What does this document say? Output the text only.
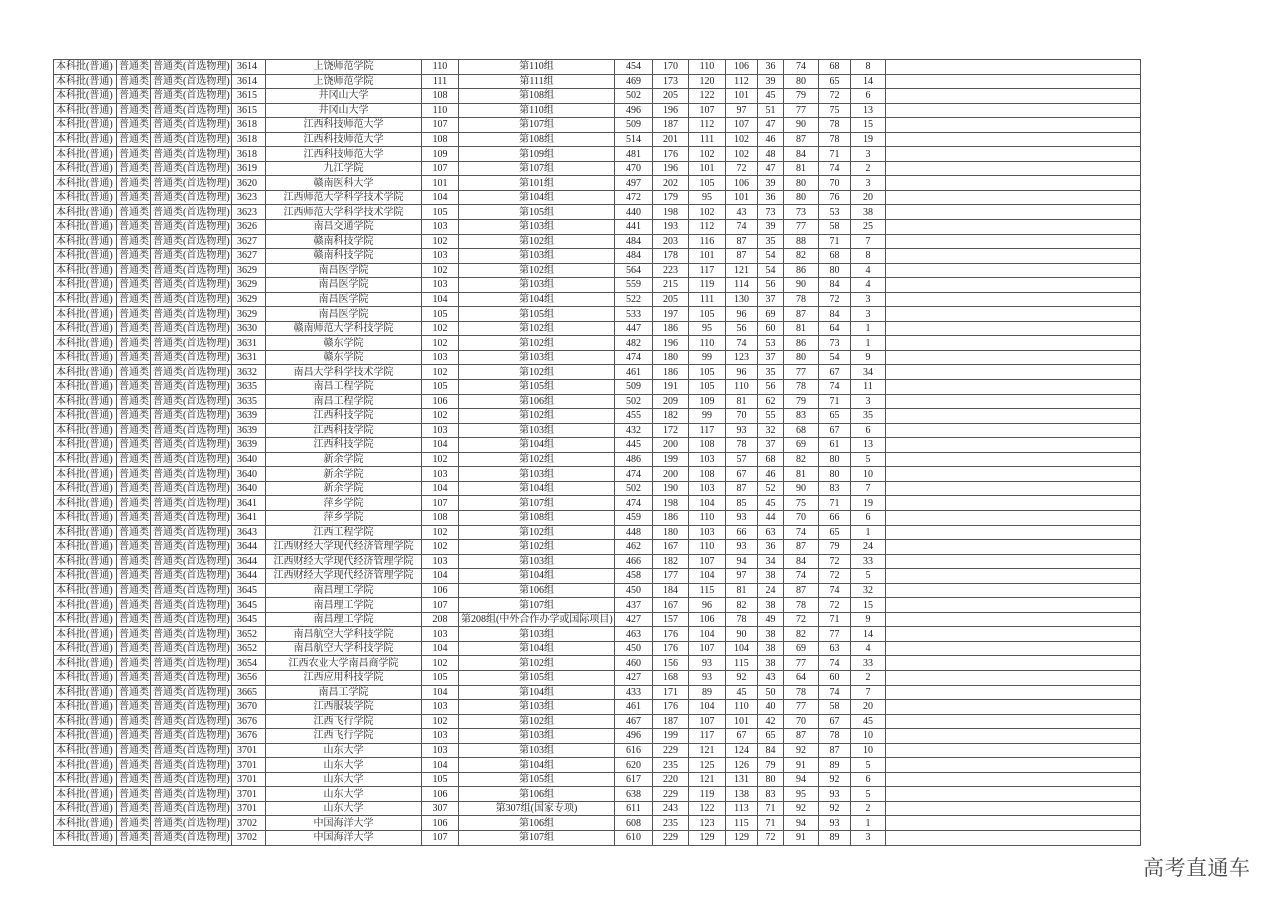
本科批(普通)	普通类	普通类(首选物理)	3614	上饶师范学院	110	第110组	454	170	110	106	36	74	68	8	
本科批(普通)	普通类	普通类(首选物理)	3614	上饶师范学院	111	第111组	469	173	120	112	39	80	65	14	
本科批(普通)	普通类	普通类(首选物理)	3615	井冈山大学	108	第108组	502	205	122	101	45	79	72	6	
本科批(普通)	普通类	普通类(首选物理)	3615	井冈山大学	110	第110组	496	196	107	97	51	77	75	13	
本科批(普通)	普通类	普通类(首选物理)	3618	江西科技师范大学	107	第107组	509	187	112	107	47	90	78	15	
本科批(普通)	普通类	普通类(首选物理)	3618	江西科技师范大学	108	第108组	514	201	111	102	46	87	78	19	
本科批(普通)	普通类	普通类(首选物理)	3618	江西科技师范大学	109	第109组	481	176	102	102	48	84	71	3	
本科批(普通)	普通类	普通类(首选物理)	3619	九江学院	107	第107组	470	196	101	72	47	81	74	2	
本科批(普通)	普通类	普通类(首选物理)	3620	赣南医科大学	101	第101组	497	202	105	106	39	80	70	3	
本科批(普通)	普通类	普通类(首选物理)	3623	江西师范大学科学技术学院	104	第104组	472	179	95	101	36	80	76	20	
本科批(普通)	普通类	普通类(首选物理)	3623	江西师范大学科学技术学院	105	第105组	440	198	102	43	73	73	53	38	
本科批(普通)	普通类	普通类(首选物理)	3626	南昌交通学院	103	第103组	441	193	112	74	39	77	58	25	
本科批(普通)	普通类	普通类(首选物理)	3627	赣南科技学院	102	第102组	484	203	116	87	35	88	71	7	
本科批(普通)	普通类	普通类(首选物理)	3627	赣南科技学院	103	第103组	484	178	101	87	54	82	68	8	
本科批(普通)	普通类	普通类(首选物理)	3629	南昌医学院	102	第102组	564	223	117	121	54	86	80	4	
本科批(普通)	普通类	普通类(首选物理)	3629	南昌医学院	103	第103组	559	215	119	114	56	90	84	4	
本科批(普通)	普通类	普通类(首选物理)	3629	南昌医学院	104	第104组	522	205	111	130	37	78	72	3	
本科批(普通)	普通类	普通类(首选物理)	3629	南昌医学院	105	第105组	533	197	105	96	69	87	84	3	
本科批(普通)	普通类	普通类(首选物理)	3630	赣南师范大学科技学院	102	第102组	447	186	95	56	60	81	64	1	
本科批(普通)	普通类	普通类(首选物理)	3631	赣东学院	102	第102组	482	196	110	74	53	86	73	1	
本科批(普通)	普通类	普通类(首选物理)	3631	赣东学院	103	第103组	474	180	99	123	37	80	54	9	
本科批(普通)	普通类	普通类(首选物理)	3632	南昌大学科学技术学院	102	第102组	461	186	105	96	35	77	67	34	
本科批(普通)	普通类	普通类(首选物理)	3635	南昌工程学院	105	第105组	509	191	105	110	56	78	74	11	
本科批(普通)	普通类	普通类(首选物理)	3635	南昌工程学院	106	第106组	502	209	109	81	62	79	71	3	
本科批(普通)	普通类	普通类(首选物理)	3639	江西科技学院	102	第102组	455	182	99	70	55	83	65	35	
本科批(普通)	普通类	普通类(首选物理)	3639	江西科技学院	103	第103组	432	172	117	93	32	68	67	6	
本科批(普通)	普通类	普通类(首选物理)	3639	江西科技学院	104	第104组	445	200	108	78	37	69	61	13	
本科批(普通)	普通类	普通类(首选物理)	3640	新余学院	102	第102组	486	199	103	57	68	82	80	5	
本科批(普通)	普通类	普通类(首选物理)	3640	新余学院	103	第103组	474	200	108	67	46	81	80	10	
本科批(普通)	普通类	普通类(首选物理)	3640	新余学院	104	第104组	502	190	103	87	52	90	83	7	
本科批(普通)	普通类	普通类(首选物理)	3641	萍乡学院	107	第107组	474	198	104	85	45	75	71	19	
本科批(普通)	普通类	普通类(首选物理)	3641	萍乡学院	108	第108组	459	186	110	93	44	70	66	6	
本科批(普通)	普通类	普通类(首选物理)	3643	江西工程学院	102	第102组	448	180	103	66	63	74	65	1	
本科批(普通)	普通类	普通类(首选物理)	3644	江西财经大学现代经济管理学院	102	第102组	462	167	110	93	36	87	79	24	
本科批(普通)	普通类	普通类(首选物理)	3644	江西财经大学现代经济管理学院	103	第103组	466	182	107	94	34	84	72	33	
本科批(普通)	普通类	普通类(首选物理)	3644	江西财经大学现代经济管理学院	104	第104组	458	177	104	97	38	74	72	5	
本科批(普通)	普通类	普通类(首选物理)	3645	南昌理工学院	106	第106组	450	184	115	81	24	87	74	32	
本科批(普通)	普通类	普通类(首选物理)	3645	南昌理工学院	107	第107组	437	167	96	82	38	78	72	15	
本科批(普通)	普通类	普通类(首选物理)	3645	南昌理工学院	208	第208组(中外合作办学或国际项目)	427	157	106	78	49	72	71	9	
本科批(普通)	普通类	普通类(首选物理)	3652	南昌航空大学科技学院	103	第103组	463	176	104	90	38	82	77	14	
本科批(普通)	普通类	普通类(首选物理)	3652	南昌航空大学科技学院	104	第104组	450	176	107	104	38	69	63	4	
本科批(普通)	普通类	普通类(首选物理)	3654	江西农业大学南昌商学院	102	第102组	460	156	93	115	38	77	74	33	
本科批(普通)	普通类	普通类(首选物理)	3656	江西应用科技学院	105	第105组	427	168	93	92	43	64	60	2	
本科批(普通)	普通类	普通类(首选物理)	3665	南昌工学院	104	第104组	433	171	89	45	50	78	74	7	
本科批(普通)	普通类	普通类(首选物理)	3670	江西服装学院	103	第103组	461	176	104	110	40	77	58	20	
本科批(普通)	普通类	普通类(首选物理)	3676	江西飞行学院	102	第102组	467	187	107	101	42	70	67	45	
本科批(普通)	普通类	普通类(首选物理)	3676	江西飞行学院	103	第103组	496	199	117	67	65	87	78	10	
本科批(普通)	普通类	普通类(首选物理)	3701	山东大学	103	第103组	616	229	121	124	84	92	87	10	
本科批(普通)	普通类	普通类(首选物理)	3701	山东大学	104	第104组	620	235	125	126	79	91	89	5	
本科批(普通)	普通类	普通类(首选物理)	3701	山东大学	105	第105组	617	220	121	131	80	94	92	6	
本科批(普通)	普通类	普通类(首选物理)	3701	山东大学	106	第106组	638	229	119	138	83	95	93	5	
本科批(普通)	普通类	普通类(首选物理)	3701	山东大学	307	第307组(国家专项)	611	243	122	113	71	92	92	2	
本科批(普通)	普通类	普通类(首选物理)	3702	中国海洋大学	106	第106组	608	235	123	115	71	94	93	1	
本科批(普通)	普通类	普通类(首选物理)	3702	中国海洋大学	107	第107组	610	229	129	129	72	91	89	3	
高考直通车
